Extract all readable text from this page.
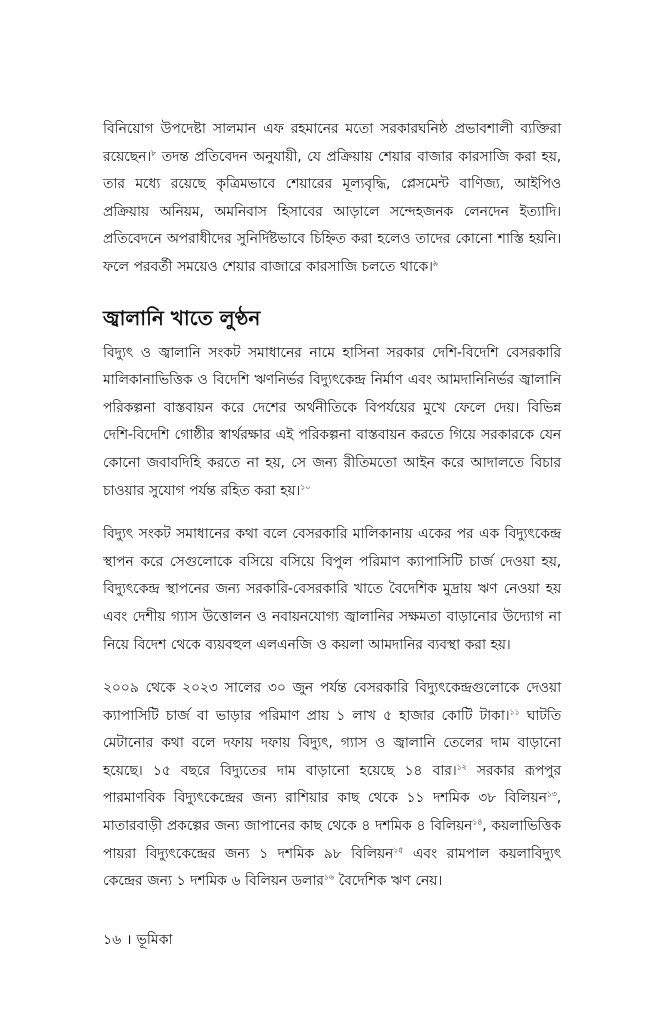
বিনিয়োগ উপদেষ্টা সালমান এফ রহমানের মতো সরকারঘনিষ্ঠ প্রভাবশালী ব্যক্তিরা রয়েছেন।$^৮$ তদন্ত প্রতিবেদন অনুযায়ী, যে প্রক্রিয়ায় শেয়ার বাজার কারসাজি করা হয়, তার মধ্যে রয়েছে কৃত্রিমভাবে শেয়ারের মূল্যবৃদ্ধি, প্লেসমেন্ট বাণিজ্য, আইপিও প্রক্রিয়ায় অনিয়ম, অমনিবাস হিসাবের আড়ালে সন্দেহজনক লেনদেন ইত্যাদি। প্রতিবেদনে অপরাধীদের সুনির্দিষ্টভাবে চিহ্নিত করা হলেও তাদের কোনো শাস্তি হয়নি। ফলে পরবর্তী সময়েও শেয়ার বাজারে কারসাজি চলতে থাকে।$^৯$

জ্বালানি খাতে লুণ্ঠন

বিদ্যুৎ ও জ্বালানি সংকট সমাধানের নামে হাসিনা সরকার দেশি-বিদেশি বেসরকারি মালিকানাভিত্তিক ও বিদেশি ঋণনির্ভর বিদ্যুৎকেন্দ্র নির্মাণ এবং আমদানিনির্ভর জ্বালানি পরিকল্পনা বাস্তবায়ন করে দেশের অর্থনীতিকে বিপর্যয়ের মুখে ফেলে দেয়। বিভিন্ন দেশি-বিদেশি গোষ্ঠীর স্বার্থরক্ষার এই পরিকল্পনা বাস্তবায়ন করতে গিয়ে সরকারকে যেন কোনো জবাবদিহি করতে না হয়, সে জন্য রীতিমতো আইন করে আদালতে বিচার চাওয়ার সুযোগ পর্যন্ত রহিত করা হয়।$^{১০}$

বিদ্যুৎ সংকট সমাধানের কথা বলে বেসরকারি মালিকানায় একের পর এক বিদ্যুৎকেন্দ্র স্থাপন করে সেগুলোকে বসিয়ে বসিয়ে বিপুল পরিমাণ ক্যাপাসিটি চার্জ দেওয়া হয়, বিদ্যুৎকেন্দ্র স্থাপনের জন্য সরকারি-বেসরকারি খাতে বৈদেশিক মুদ্রায় ঋণ নেওয়া হয় এবং দেশীয় গ্যাস উত্তোলন ও নবায়নযোগ্য জ্বালানির সক্ষমতা বাড়ানোর উদ্যোগ না নিয়ে বিদেশ থেকে ব্যয়বহুল এলএনজি ও কয়লা আমদানির ব্যবস্থা করা হয়।

২০০৯ থেকে ২০২৩ সালের ৩০ জুন পর্যন্ত বেসরকারি বিদ্যুৎকেন্দ্রগুলোকে দেওয়া ক্যাপাসিটি চার্জ বা ভাড়ার পরিমাণ প্রায় ১ লাখ ৫ হাজার কোটি টাকা।$^{১১}$ ঘাটতি মেটানোর কথা বলে দফায় দফায় বিদ্যুৎ, গ্যাস ও জ্বালানি তেলের দাম বাড়ানো হয়েছে। ১৫ বছরে বিদ্যুতের দাম বাড়ানো হয়েছে ১৪ বার।$^{১২}$ সরকার রূপপুর পারমাণবিক বিদ্যুৎকেন্দ্রের জন্য রাশিয়ার কাছ থেকে ১১ দশমিক ৩৮ বিলিয়ন$^{১৩}$, মাতারবাড়ী প্রকল্পের জন্য জাপানের কাছ থেকে ৪ দশমিক ৪ বিলিয়ন$^{১৪}$, কয়লাভিত্তিক পায়রা বিদ্যুৎকেন্দ্রের জন্য ১ দশমিক ৯৮ বিলিয়ন$^{১৫}$ এবং রামপাল কয়লাবিদ্যুৎ কেন্দ্রের জন্য ১ দশমিক ৬ বিলিয়ন ডলার$^{১৬}$ বৈদেশিক ঋণ নেয়।

১৬ । ভূমিকা
